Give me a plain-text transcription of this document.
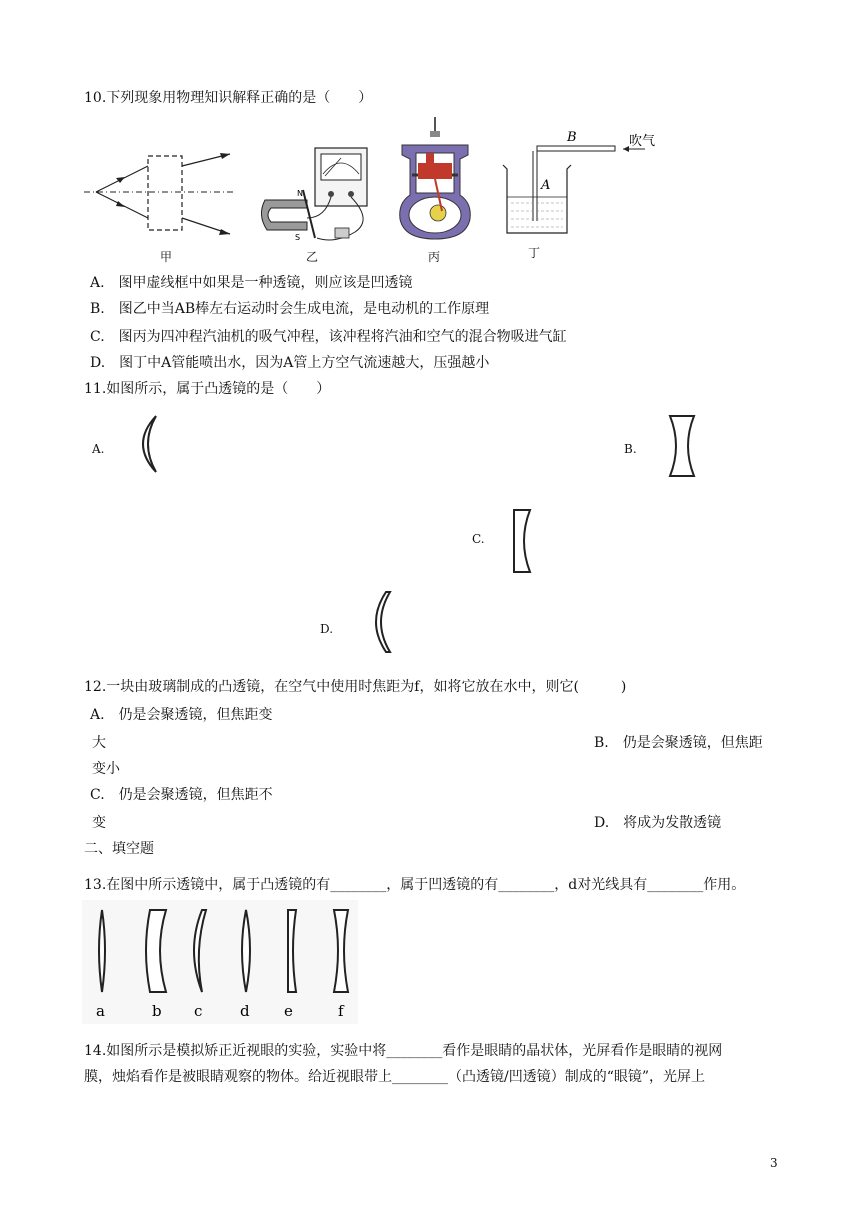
10.下列现象用物理知识解释正确的是（　　）
甲
N
S
乙	丙
B	吹气
A
丁
A.　图甲虚线框中如果是一种透镜，则应该是凹透镜
B.　图乙中当AB棒左右运动时会生成电流，是电动机的工作原理
C.　图丙为四冲程汽油机的吸气冲程，该冲程将汽油和空气的混合物吸进气缸
D.　图丁中A管能喷出水，因为A管上方空气流速越大，压强越小
11.如图所示，属于凸透镜的是（　　）
A.	B.
C.
D.
12.一块由玻璃制成的凸透镜，在空气中使用时焦距为f，如将它放在水中，则它(　　　)
A.　仍是会聚透镜，但焦距变
大	B.　仍是会聚透镜，但焦距
变小
C.　仍是会聚透镜，但焦距不
变	D.　将成为发散透镜
二、填空题
13.在图中所示透镜中，属于凸透镜的有________，属于凹透镜的有________，d对光线具有________作用。
a	b c	d e	f
14.如图所示是模拟矫正近视眼的实验，实验中将________看作是眼睛的晶状体，光屏看作是眼睛的视网
膜，烛焰看作是被眼睛观察的物体。给近视眼带上________（凸透镜/凹透镜）制成的“眼镜”，光屏上
3
